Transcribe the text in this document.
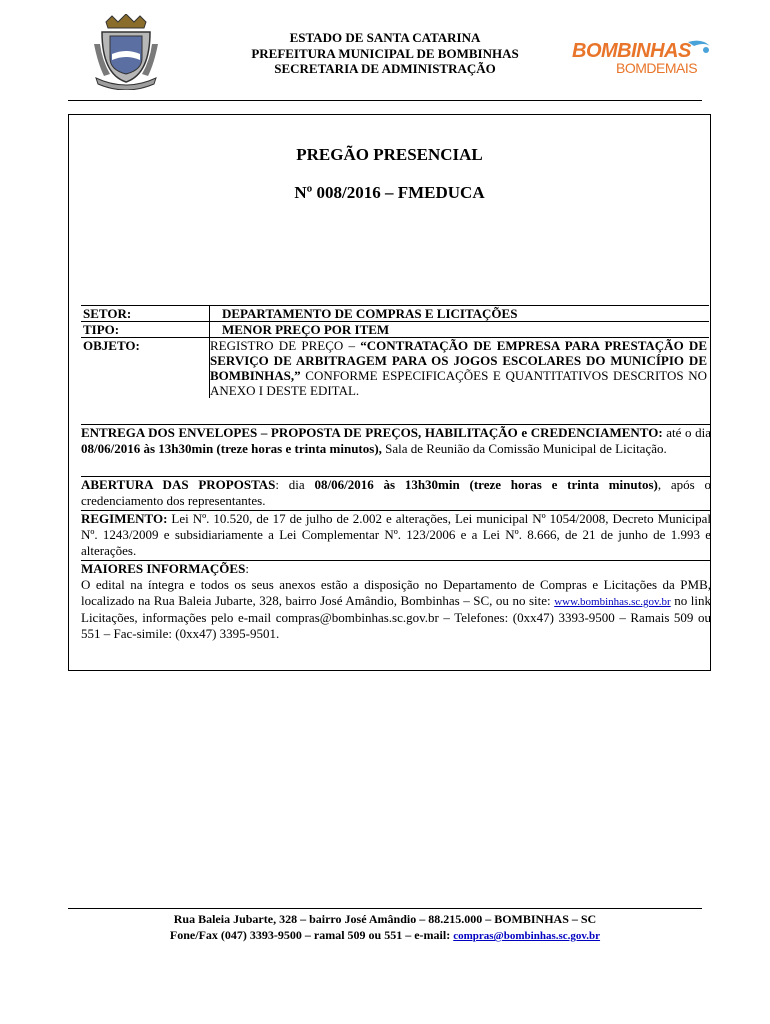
ESTADO DE SANTA CATARINA
PREFEITURA MUNICIPAL DE BOMBINHAS
SECRETARIA DE ADMINISTRAÇÃO
BOMBINHAS
BOMDEMAIS
PREGÃO PRESENCIAL
Nº 008/2016 – FMEDUCA
SETOR:	DEPARTAMENTO DE COMPRAS E LICITAÇÕES
TIPO:	MENOR PREÇO POR ITEM
OBJETO:	REGISTRO DE PREÇO – “CONTRATAÇÃO DE EMPRESA PARA PRESTAÇÃO DE SERVIÇO DE ARBITRAGEM PARA OS JOGOS ESCOLARES DO MUNICÍPIO DE BOMBINHAS,” CONFORME ESPECIFICAÇÕES E QUANTITATIVOS DESCRITOS NO ANEXO I DESTE EDITAL.
ENTREGA DOS ENVELOPES – PROPOSTA DE PREÇOS, HABILITAÇÃO e CREDENCIAMENTO: até o dia 08/06/2016 às 13h30min (treze horas e trinta minutos), Sala de Reunião da Comissão Municipal de Licitação.
ABERTURA DAS PROPOSTAS: dia 08/06/2016 às 13h30min (treze horas e trinta minutos), após o credenciamento dos representantes.
REGIMENTO: Lei Nº. 10.520, de 17 de julho de 2.002 e alterações, Lei municipal Nº 1054/2008, Decreto Municipal Nº. 1243/2009 e subsidiariamente a Lei Complementar Nº. 123/2006 e a Lei Nº. 8.666, de 21 de junho de 1.993 e alterações.
MAIORES INFORMAÇÕES:
O edital na íntegra e todos os seus anexos estão a disposição no Departamento de Compras e Licitações da PMB, localizado na Rua Baleia Jubarte, 328, bairro José Amândio, Bombinhas – SC, ou no site: www.bombinhas.sc.gov.br no link Licitações, informações pelo e-mail compras@bombinhas.sc.gov.br – Telefones: (0xx47) 3393-9500 – Ramais 509 ou 551 – Fac-simile: (0xx47) 3395-9501.
Rua Baleia Jubarte, 328 – bairro José Amândio – 88.215.000 – BOMBINHAS – SC
Fone/Fax (047) 3393-9500 – ramal 509 ou 551 – e-mail: compras@bombinhas.sc.gov.br
